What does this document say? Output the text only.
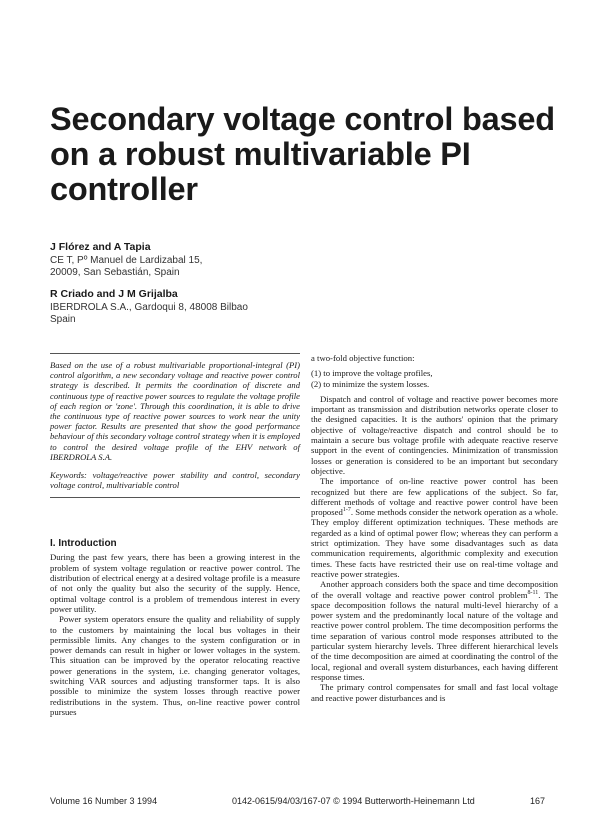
Secondary voltage control based on a robust multivariable PI controller
J Flórez and A Tapia
CE T, Pº Manuel de Lardizabal 15,
20009, San Sebastián, Spain
R Criado and J M Grijalba
IBERDROLA S.A., Gardoqui 8, 48008 Bilbao
Spain

Based on the use of a robust multivariable proportional-integral (PI) control algorithm, a new secondary voltage and reactive power control strategy is described. It permits the coordination of discrete and continuous type of reactive power sources to regulate the voltage profile of each region or 'zone'. Through this coordination, it is able to drive the continuous type of reactive power sources to work near the unity power factor. Results are presented that show the good performance behaviour of this secondary voltage control strategy when it is employed to control the desired voltage profile of the EHV network of IBERDROLA S.A.

Keywords: voltage/reactive power stability and control, secondary voltage control, multivariable control

I. Introduction

During the past few years, there has been a growing interest in the problem of system voltage regulation or reactive power control. The distribution of electrical energy at a desired voltage profile is a measure of not only the quality but also the security of the supply. Hence, optimal voltage control is a problem of tremendous interest in every power utility.

Power system operators ensure the quality and reliability of supply to the customers by maintaining the local bus voltages in their permissible limits. Any changes to the system configuration or in power demands can result in higher or lower voltages in the system. This situation can be improved by the operator relocating reactive power generations in the system, i.e. changing generator voltages, switching VAR sources and adjusting transformer taps. It is also possible to minimize the system losses through reactive power redistributions in the system. Thus, on-line reactive power control pursues

a two-fold objective function:

(1) to improve the voltage profiles,

(2) to minimize the system losses.

Dispatch and control of voltage and reactive power becomes more important as transmission and distribution networks operate closer to the designed capacities. It is the authors' opinion that the primary objective of voltage/reactive dispatch and control should be to maintain a secure bus voltage profile with adequate reactive reserve support in the event of contingencies. Minimization of transmission losses or generation is considered to be an important but secondary objective.

The importance of on-line reactive power control has been recognized but there are few applications of the subject. So far, different methods of voltage and reactive power control have been proposed$^{1-7}$. Some methods consider the network operation as a whole. They employ different optimization techniques. These methods are regarded as a kind of optimal power flow; whereas they can perform a strict optimization. They have some disadvantages such as data communication requirements, algorithmic complexity and execution times. These facts have restricted their use on real-time voltage and reactive power strategies.

Another approach considers both the space and time decomposition of the overall voltage and reactive power control problem$^{8-11}$. The space decomposition follows the natural multi-level hierarchy of a power system and the predominantly local nature of the voltage and reactive power control problem. The time decomposition performs the time separation of various control mode responses attributed to the particular system hierarchy levels. Three different hierarchical levels of the time decomposition are aimed at coordinating the control of the local, regional and overall system disturbances, each having different response times.

The primary control compensates for small and fast local voltage and reactive power disturbances and is

Volume 16 Number 3 1994	0142-0615/94/03/167-07 © 1994 Butterworth-Heinemann Ltd	167
